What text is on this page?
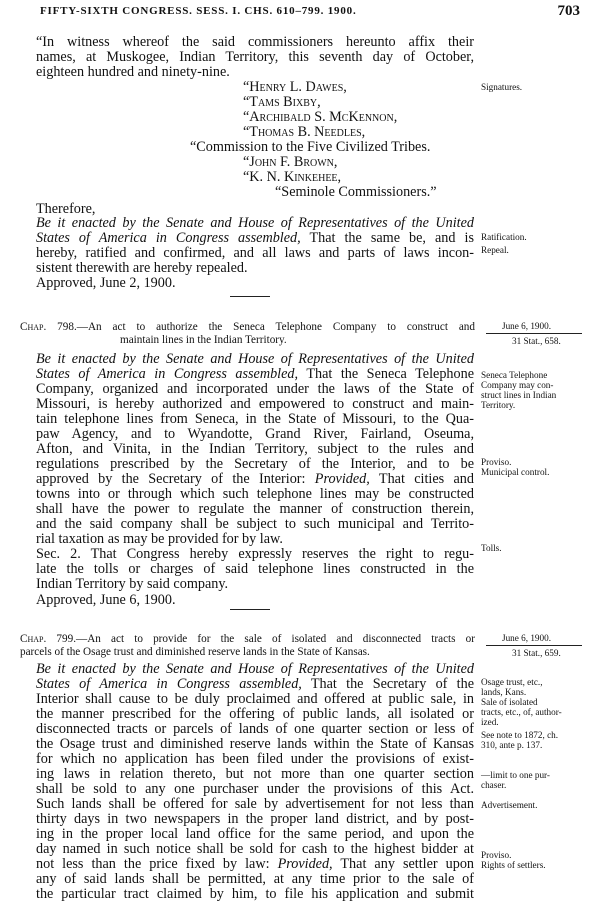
FIFTY-SIXTH CONGRESS. SESS. I. CHS. 610–799. 1900.	703
“In witness whereof the said commissioners hereunto affix their
names, at Muskogee, Indian Territory, this seventh day of October,
eighteen hundred and ninety-nine.
“Henry L. Dawes,
“Tams Bixby,
“Archibald S. McKennon,
“Thomas B. Needles,
“Commission to the Five Civilized Tribes.
“John F. Brown,
“K. N. Kinkehee,
“Seminole Commissioners.”
Signatures.
Therefore,
Be it enacted by the Senate and House of Representatives of the United
States of America in Congress assembled, That the same be, and is
hereby, ratified and confirmed, and all laws and parts of laws incon-
sistent therewith are hereby repealed.
Approved, June 2, 1900.
Ratification.
Repeal.
Chap. 798.—An act to authorize the Seneca Telephone Company to construct and
maintain lines in the Indian Territory.
June 6, 1900.
31 Stat., 658.
Be it enacted by the Senate and House of Representatives of the United
States of America in Congress assembled, That the Seneca Telephone
Company, organized and incorporated under the laws of the State of
Missouri, is hereby authorized and empowered to construct and main-
tain telephone lines from Seneca, in the State of Missouri, to the Qua-
paw Agency, and to Wyandotte, Grand River, Fairland, Oseuma,
Afton, and Vinita, in the Indian Territory, subject to the rules and
regulations prescribed by the Secretary of the Interior, and to be
approved by the Secretary of the Interior: Provided, That cities and
towns into or through which such telephone lines may be constructed
shall have the power to regulate the manner of construction therein,
and the said company shall be subject to such municipal and Territo-
rial taxation as may be provided for by law.
Sec. 2. That Congress hereby expressly reserves the right to regu-
late the tolls or charges of said telephone lines constructed in the
Indian Territory by said company.
Approved, June 6, 1900.
Seneca Telephone
Company may con-
struct lines in Indian
Territory.
Proviso.
Municipal control.
Tolls.
Chap. 799.—An act to provide for the sale of isolated and disconnected tracts or
parcels of the Osage trust and diminished reserve lands in the State of Kansas.
June 6, 1900.
31 Stat., 659.
Be it enacted by the Senate and House of Representatives of the United
States of America in Congress assembled, That the Secretary of the
Interior shall cause to be duly proclaimed and offered at public sale, in
the manner prescribed for the offering of public lands, all isolated or
disconnected tracts or parcels of lands of one quarter section or less of
the Osage trust and diminished reserve lands within the State of Kansas
for which no application has been filed under the provisions of exist-
ing laws in relation thereto, but not more than one quarter section
shall be sold to any one purchaser under the provisions of this Act.
Such lands shall be offered for sale by advertisement for not less than
thirty days in two newspapers in the proper land district, and by post-
ing in the proper local land office for the same period, and upon the
day named in such notice shall be sold for cash to the highest bidder at
not less than the price fixed by law: Provided, That any settler upon
any of said lands shall be permitted, at any time prior to the sale of
the particular tract claimed by him, to file his application and submit
Osage trust, etc.,
lands, Kans.
Sale of isolated
tracts, etc., of, author-
ized.
See note to 1872, ch.
310, ante p. 137.
—limit to one pur-
chaser.
Advertisement.
Proviso.
Rights of settlers.
